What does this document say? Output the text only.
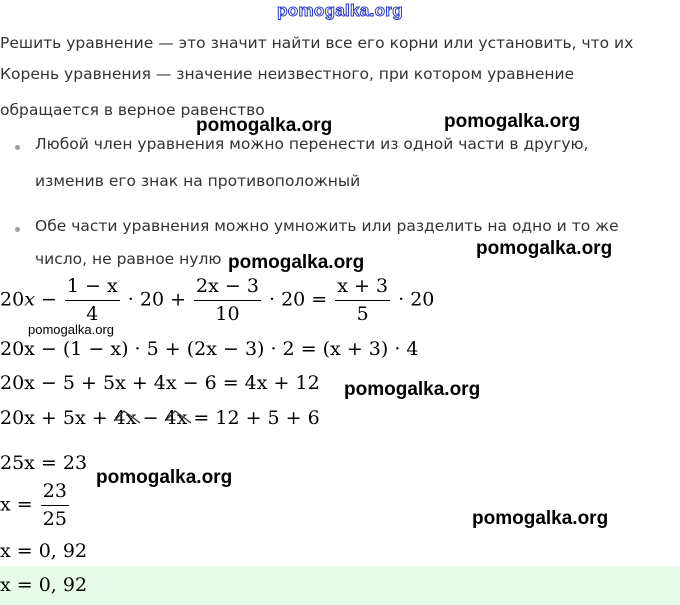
pomogalka.org
Решить уравнение — это значит найти все его корни или установить, что их
Корень уравнения — значение неизвестного, при котором уравнение
обращается в верное равенство
Любой член уравнения можно перенести из одной части в другую,
изменив его знак на противоположный
Обе части уравнения можно умножить или разделить на одно и то же
число, не равное нулю
pomogalka.org	pomogalka.org
pomogalka.org
pomogalka.org
pomogalka.org
pomogalka.org
pomogalka.org
pomogalka.org
$20x - \frac{1 - x}{4} \cdot 20 + \frac{2x - 3}{10} \cdot 20 = \frac{x + 3}{5} \cdot 20$
20x − (1 − x) · 5 + (2x − 3) · 2 = (x + 3) · 4
20x − 5 + 5x + 4x − 6 = 4x + 12
20x + 5x + 4x − 4x = 12 + 5 + 6
25x = 23
$x = \frac{23}{25}$
x = 0, 92
x = 0, 92
